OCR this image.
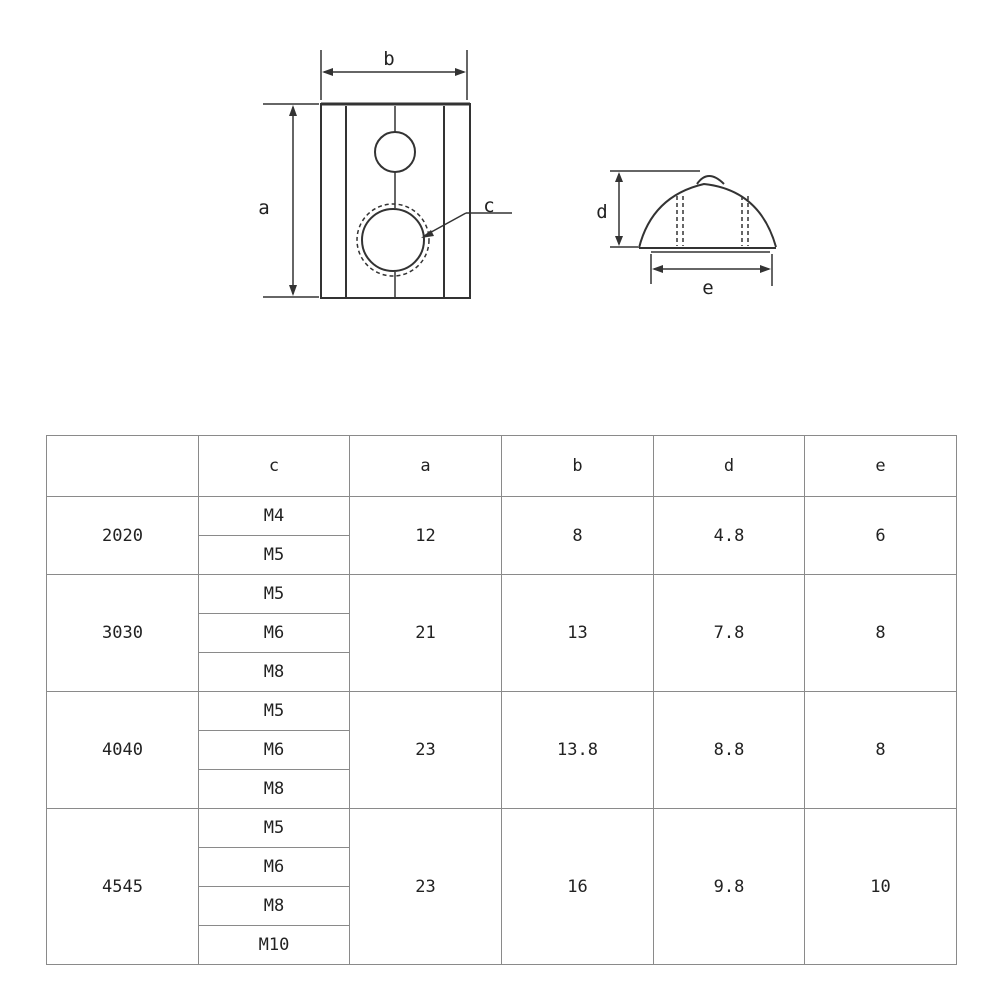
b
a	c	d
e
	c	a	b	d	e
2020	M4	12	8	4.8	6
	M5				
3030	M5	21	13	7.8	8
	M6				
	M8				
4040	M5	23	13.8	8.8	8
	M6				
	M8				
4545	M5	23	16	9.8	10
	M6				
	M8				
	M10				
